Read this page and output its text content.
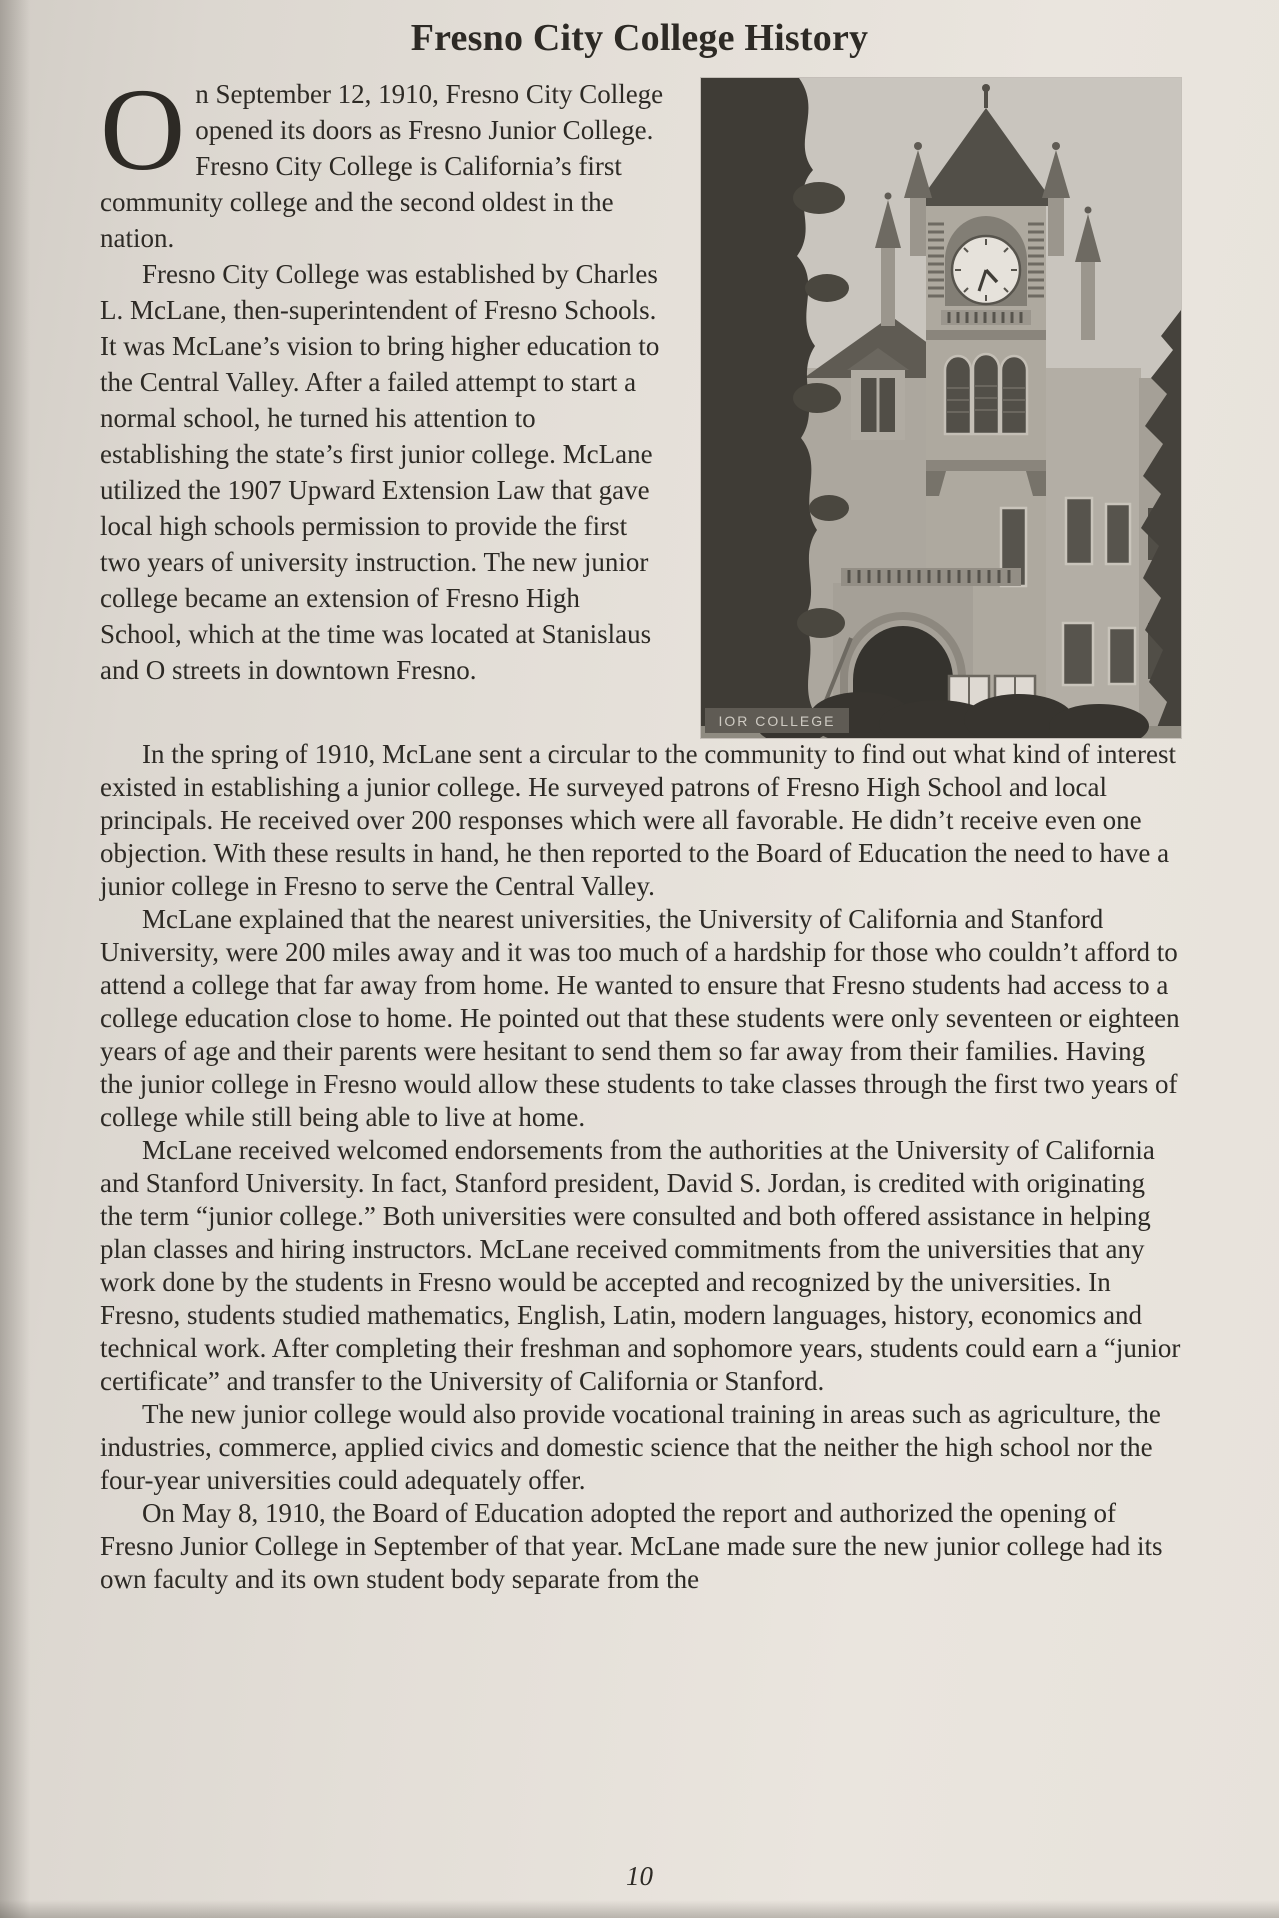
Fresno City College History

On September 12, 1910, Fresno City College opened its doors as Fresno Junior College. Fresno City College is California’s first community college and the second oldest in the nation.

Fresno City College was established by Charles L. McLane, then-superintendent of Fresno Schools. It was McLane’s vision to bring higher education to the Central Valley. After a failed attempt to start a normal school, he turned his attention to establishing the state’s first junior college. McLane utilized the 1907 Upward Extension Law that gave local high schools permission to provide the first two years of university instruction. The new junior college became an extension of Fresno High School, which at the time was located at Stanislaus and O streets in downtown Fresno.

IOR COLLEGE

In the spring of 1910, McLane sent a circular to the community to find out what kind of interest existed in establishing a junior college. He surveyed patrons of Fresno High School and local principals. He received over 200 responses which were all favorable. He didn’t receive even one objection. With these results in hand, he then reported to the Board of Education the need to have a junior college in Fresno to serve the Central Valley.

McLane explained that the nearest universities, the University of California and Stanford University, were 200 miles away and it was too much of a hardship for those who couldn’t afford to attend a college that far away from home. He wanted to ensure that Fresno students had access to a college education close to home. He pointed out that these students were only seventeen or eighteen years of age and their parents were hesitant to send them so far away from their families. Having the junior college in Fresno would allow these students to take classes through the first two years of college while still being able to live at home.

McLane received welcomed endorsements from the authorities at the University of California and Stanford University. In fact, Stanford president, David S. Jordan, is credited with originating the term “junior college.” Both universities were consulted and both offered assistance in helping plan classes and hiring instructors. McLane received commitments from the universities that any work done by the students in Fresno would be accepted and recognized by the universities. In Fresno, students studied mathematics, English, Latin, modern languages, history, economics and technical work. After completing their freshman and sophomore years, students could earn a “junior certificate” and transfer to the University of California or Stanford.

The new junior college would also provide vocational training in areas such as agriculture, the industries, commerce, applied civics and domestic science that the neither the high school nor the four-year universities could adequately offer.

On May 8, 1910, the Board of Education adopted the report and authorized the opening of Fresno Junior College in September of that year. McLane made sure the new junior college had its own faculty and its own student body separate from the

10
